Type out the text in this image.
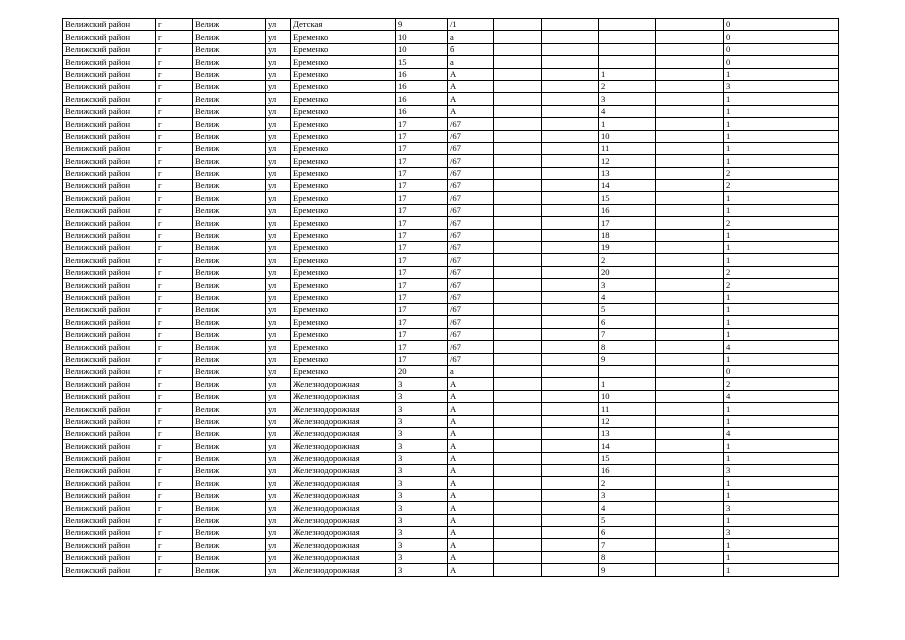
Велижский район	г	Велиж	ул	Детская	9	/1					0
Велижский район	г	Велиж	ул	Еременко	10	а					0
Велижский район	г	Велиж	ул	Еременко	10	б					0
Велижский район	г	Велиж	ул	Еременко	15	а					0
Велижский район	г	Велиж	ул	Еременко	16	А			1		1
Велижский район	г	Велиж	ул	Еременко	16	А			2		3
Велижский район	г	Велиж	ул	Еременко	16	А			3		1
Велижский район	г	Велиж	ул	Еременко	16	А			4		1
Велижский район	г	Велиж	ул	Еременко	17	/67			1		1
Велижский район	г	Велиж	ул	Еременко	17	/67			10		1
Велижский район	г	Велиж	ул	Еременко	17	/67			11		1
Велижский район	г	Велиж	ул	Еременко	17	/67			12		1
Велижский район	г	Велиж	ул	Еременко	17	/67			13		2
Велижский район	г	Велиж	ул	Еременко	17	/67			14		2
Велижский район	г	Велиж	ул	Еременко	17	/67			15		1
Велижский район	г	Велиж	ул	Еременко	17	/67			16		1
Велижский район	г	Велиж	ул	Еременко	17	/67			17		2
Велижский район	г	Велиж	ул	Еременко	17	/67			18		1
Велижский район	г	Велиж	ул	Еременко	17	/67			19		1
Велижский район	г	Велиж	ул	Еременко	17	/67			2		1
Велижский район	г	Велиж	ул	Еременко	17	/67			20		2
Велижский район	г	Велиж	ул	Еременко	17	/67			3		2
Велижский район	г	Велиж	ул	Еременко	17	/67			4		1
Велижский район	г	Велиж	ул	Еременко	17	/67			5		1
Велижский район	г	Велиж	ул	Еременко	17	/67			6		1
Велижский район	г	Велиж	ул	Еременко	17	/67			7		1
Велижский район	г	Велиж	ул	Еременко	17	/67			8		4
Велижский район	г	Велиж	ул	Еременко	17	/67			9		1
Велижский район	г	Велиж	ул	Еременко	20	а					0
Велижский район	г	Велиж	ул	Железнодорожная	3	А			1		2
Велижский район	г	Велиж	ул	Железнодорожная	3	А			10		4
Велижский район	г	Велиж	ул	Железнодорожная	3	А			11		1
Велижский район	г	Велиж	ул	Железнодорожная	3	А			12		1
Велижский район	г	Велиж	ул	Железнодорожная	3	А			13		4
Велижский район	г	Велиж	ул	Железнодорожная	3	А			14		1
Велижский район	г	Велиж	ул	Железнодорожная	3	А			15		1
Велижский район	г	Велиж	ул	Железнодорожная	3	А			16		3
Велижский район	г	Велиж	ул	Железнодорожная	3	А			2		1
Велижский район	г	Велиж	ул	Железнодорожная	3	А			3		1
Велижский район	г	Велиж	ул	Железнодорожная	3	А			4		3
Велижский район	г	Велиж	ул	Железнодорожная	3	А			5		1
Велижский район	г	Велиж	ул	Железнодорожная	3	А			6		3
Велижский район	г	Велиж	ул	Железнодорожная	3	А			7		1
Велижский район	г	Велиж	ул	Железнодорожная	3	А			8		1
Велижский район	г	Велиж	ул	Железнодорожная	3	А			9		1
